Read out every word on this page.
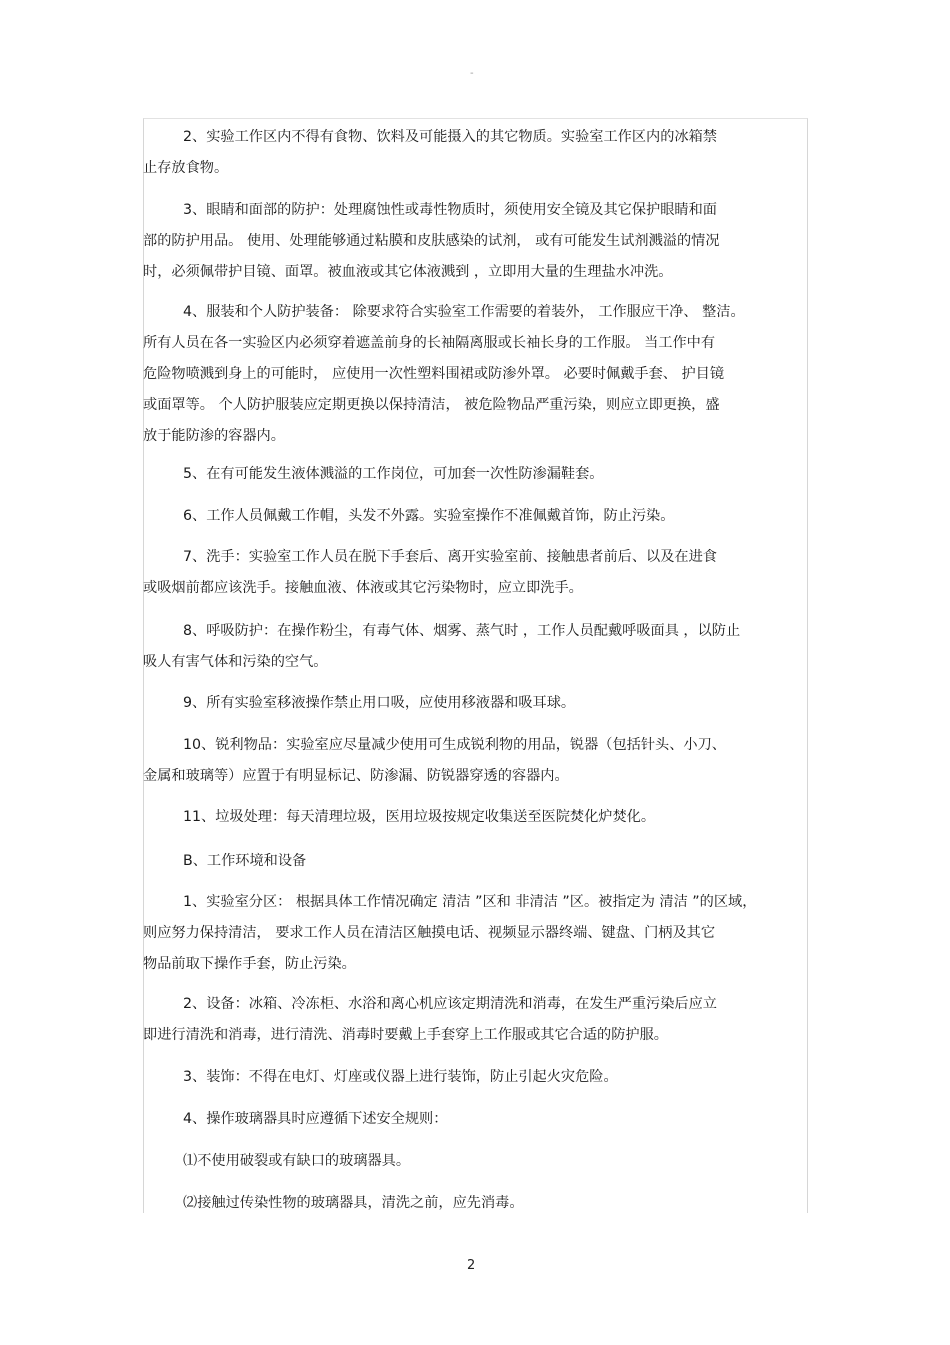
-
2、实验工作区内不得有食物、饮料及可能摄入的其它物质。实验室工作区内的冰箱禁
止存放食物。
3、眼睛和面部的防护：处理腐蚀性或毒性物质时，须使用安全镜及其它保护眼睛和面
部的防护用品。 使用、处理能够通过粘膜和皮肤感染的试剂， 或有可能发生试剂溅溢的情况
时，必须佩带护目镜、面罩。被血液或其它体液溅到 ，立即用大量的生理盐水冲洗。
4、服装和个人防护装备： 除要求符合实验室工作需要的着装外， 工作服应干净、 整洁。
所有人员在各一实验区内必须穿着遮盖前身的长袖隔离服或长袖长身的工作服。 当工作中有
危险物喷溅到身上的可能时， 应使用一次性塑料围裙或防渗外罩。 必要时佩戴手套、 护目镜
或面罩等。 个人防护服装应定期更换以保持清洁， 被危险物品严重污染，则应立即更换，盛
放于能防渗的容器内。
5、在有可能发生液体溅溢的工作岗位，可加套一次性防渗漏鞋套。
6、工作人员佩戴工作帽，头发不外露。实验室操作不准佩戴首饰，防止污染。
7、洗手：实验室工作人员在脱下手套后、离开实验室前、接触患者前后、以及在进食
或吸烟前都应该洗手。接触血液、体液或其它污染物时，应立即洗手。
8、呼吸防护：在操作粉尘，有毒气体、烟雾、蒸气时 ，工作人员配戴呼吸面具 ，以防止
吸人有害气体和污染的空气。
9、所有实验室移液操作禁止用口吸，应使用移液器和吸耳球。
10、锐利物品：实验室应尽量减少使用可生成锐利物的用品，锐器（包括针头、小刀、
金属和玻璃等）应置于有明显标记、防渗漏、防锐器穿透的容器内。
11、垃圾处理：每天清理垃圾，医用垃圾按规定收集送至医院焚化炉焚化。
B、工作环境和设备
1、实验室分区： 根据具体工作情况确定 清洁 ”区和 非清洁 ”区。被指定为 清洁 ”的区域，
则应努力保持清洁， 要求工作人员在清洁区触摸电话、视频显示器终端、键盘、门柄及其它
物品前取下操作手套，防止污染。
2、设备：冰箱、冷冻柜、水浴和离心机应该定期清洗和消毒，在发生严重污染后应立
即进行清洗和消毒，进行清洗、消毒时要戴上手套穿上工作服或其它合适的防护服。
3、装饰：不得在电灯、灯座或仪器上进行装饰，防止引起火灾危险。
4、操作玻璃器具时应遵循下述安全规则：
⑴不使用破裂或有缺口的玻璃器具。
⑵接触过传染性物的玻璃器具，清洗之前，应先消毒。
2
